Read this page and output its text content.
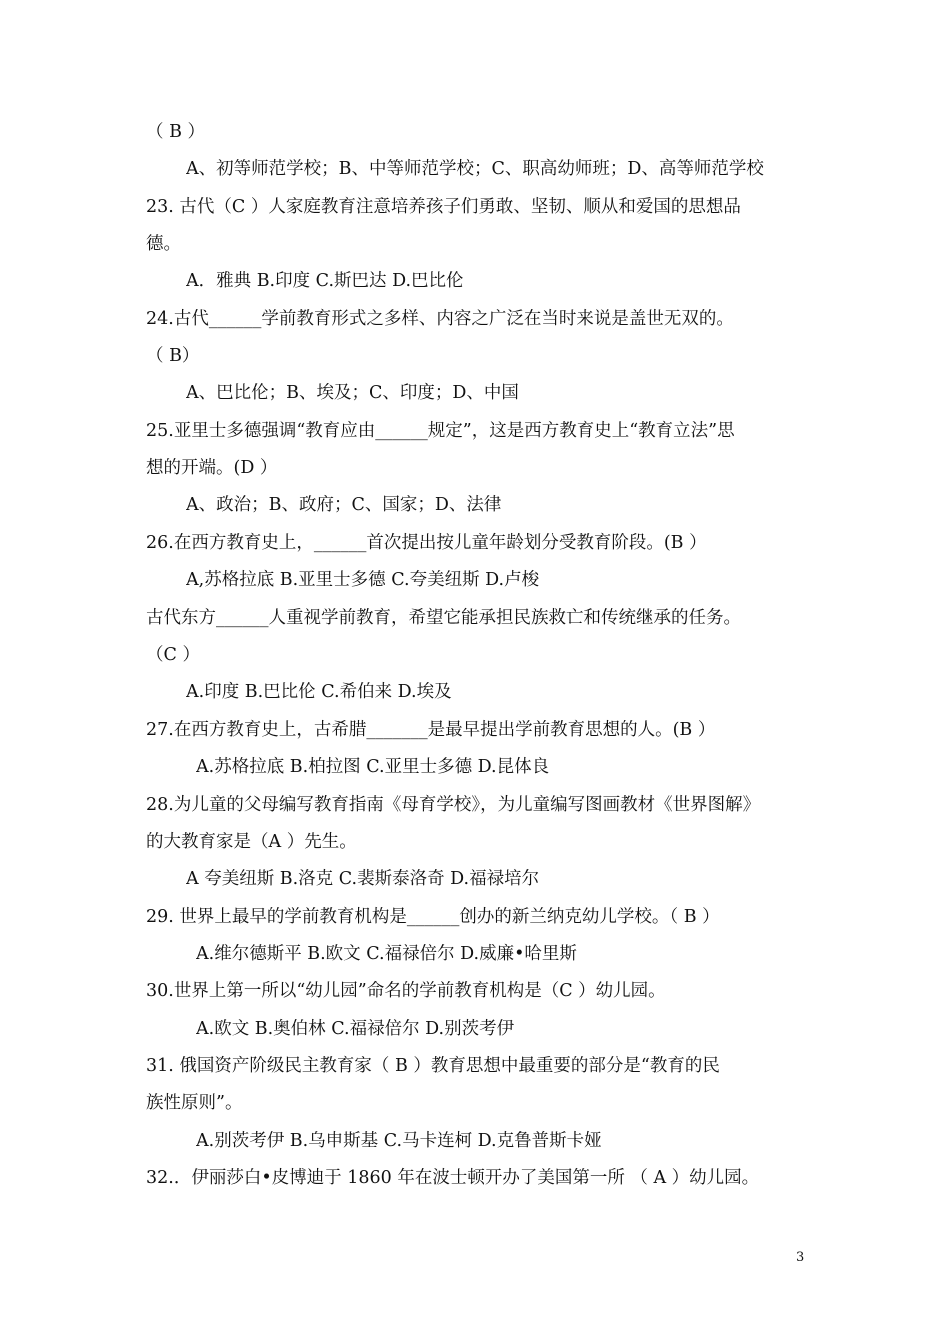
（ B ）
A、初等师范学校；B、中等师范学校；C、职高幼师班；D、高等师范学校
23. 古代（C ）人家庭教育注意培养孩子们勇敢、坚韧、顺从和爱国的思想品
德。
A．雅典 B.印度 C.斯巴达 D.巴比伦
24.古代______学前教育形式之多样、内容之广泛在当时来说是盖世无双的。
（ B）
A、巴比伦；B、埃及；C、印度；D、中国
25.亚里士多德强调“教育应由______规定”，这是西方教育史上“教育立法”思
想的开端。(D ）
A、政治；B、政府；C、国家；D、法律
26.在西方教育史上，______首次提出按儿童年龄划分受教育阶段。(B ）
A,苏格拉底 B.亚里士多德 C.夸美纽斯 D.卢梭
古代东方______人重视学前教育，希望它能承担民族救亡和传统继承的任务。
（C ）
A.印度 B.巴比伦 C.希伯来 D.埃及
27.在西方教育史上，古希腊_______是最早提出学前教育思想的人。(B ）
A.苏格拉底 B.柏拉图 C.亚里士多德 D.昆体良
28.为儿童的父母编写教育指南《母育学校》，为儿童编写图画教材《世界图解》
的大教育家是（A ）先生。
A 夸美纽斯 B.洛克 C.裴斯泰洛奇 D.福禄培尔
29. 世界上最早的学前教育机构是______创办的新兰纳克幼儿学校。（ B ）
A.维尔德斯平 B.欧文 C.福禄倍尔 D.威廉•哈里斯
30.世界上第一所以“幼儿园”命名的学前教育机构是（C ）幼儿园。
A.欧文 B.奥伯林 C.福禄倍尔 D.别茨考伊
31. 俄国资产阶级民主教育家（ B ）教育思想中最重要的部分是“教育的民
族性原则”。
A.别茨考伊 B.乌申斯基 C.马卡连柯 D.克鲁普斯卡娅
32.．伊丽莎白•皮博迪于 1860 年在波士顿开办了美国第一所 （ A ）幼儿园。
3
